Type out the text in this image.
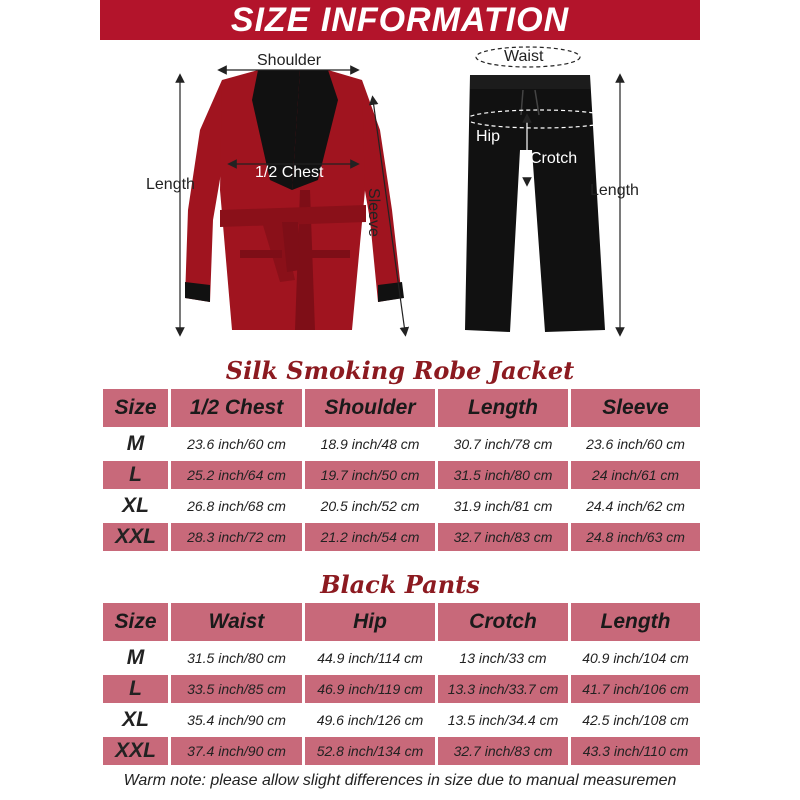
SIZE INFORMATION
Shoulder
1/2 Chest
Length
Sleeve
Waist
Hip
Crotch
Length
Silk Smoking Robe Jacket
Size	1/2 Chest	Shoulder	Length	Sleeve
M	23.6 inch/60 cm	18.9 inch/48 cm	30.7 inch/78 cm	23.6 inch/60 cm
L	25.2 inch/64 cm	19.7 inch/50 cm	31.5 inch/80 cm	24 inch/61 cm
XL	26.8 inch/68 cm	20.5 inch/52 cm	31.9 inch/81 cm	24.4 inch/62 cm
XXL	28.3 inch/72 cm	21.2 inch/54 cm	32.7 inch/83 cm	24.8 inch/63 cm
Black Pants
Size	Waist	Hip	Crotch	Length
M	31.5 inch/80 cm	44.9 inch/114 cm	13 inch/33 cm	40.9 inch/104 cm
L	33.5 inch/85 cm	46.9 inch/119 cm	13.3 inch/33.7 cm	41.7 inch/106 cm
XL	35.4 inch/90 cm	49.6 inch/126 cm	13.5 inch/34.4 cm	42.5 inch/108 cm
XXL	37.4 inch/90 cm	52.8 inch/134 cm	32.7 inch/83 cm	43.3 inch/110 cm
Warm note: please allow slight differences in size due to manual measuremen
